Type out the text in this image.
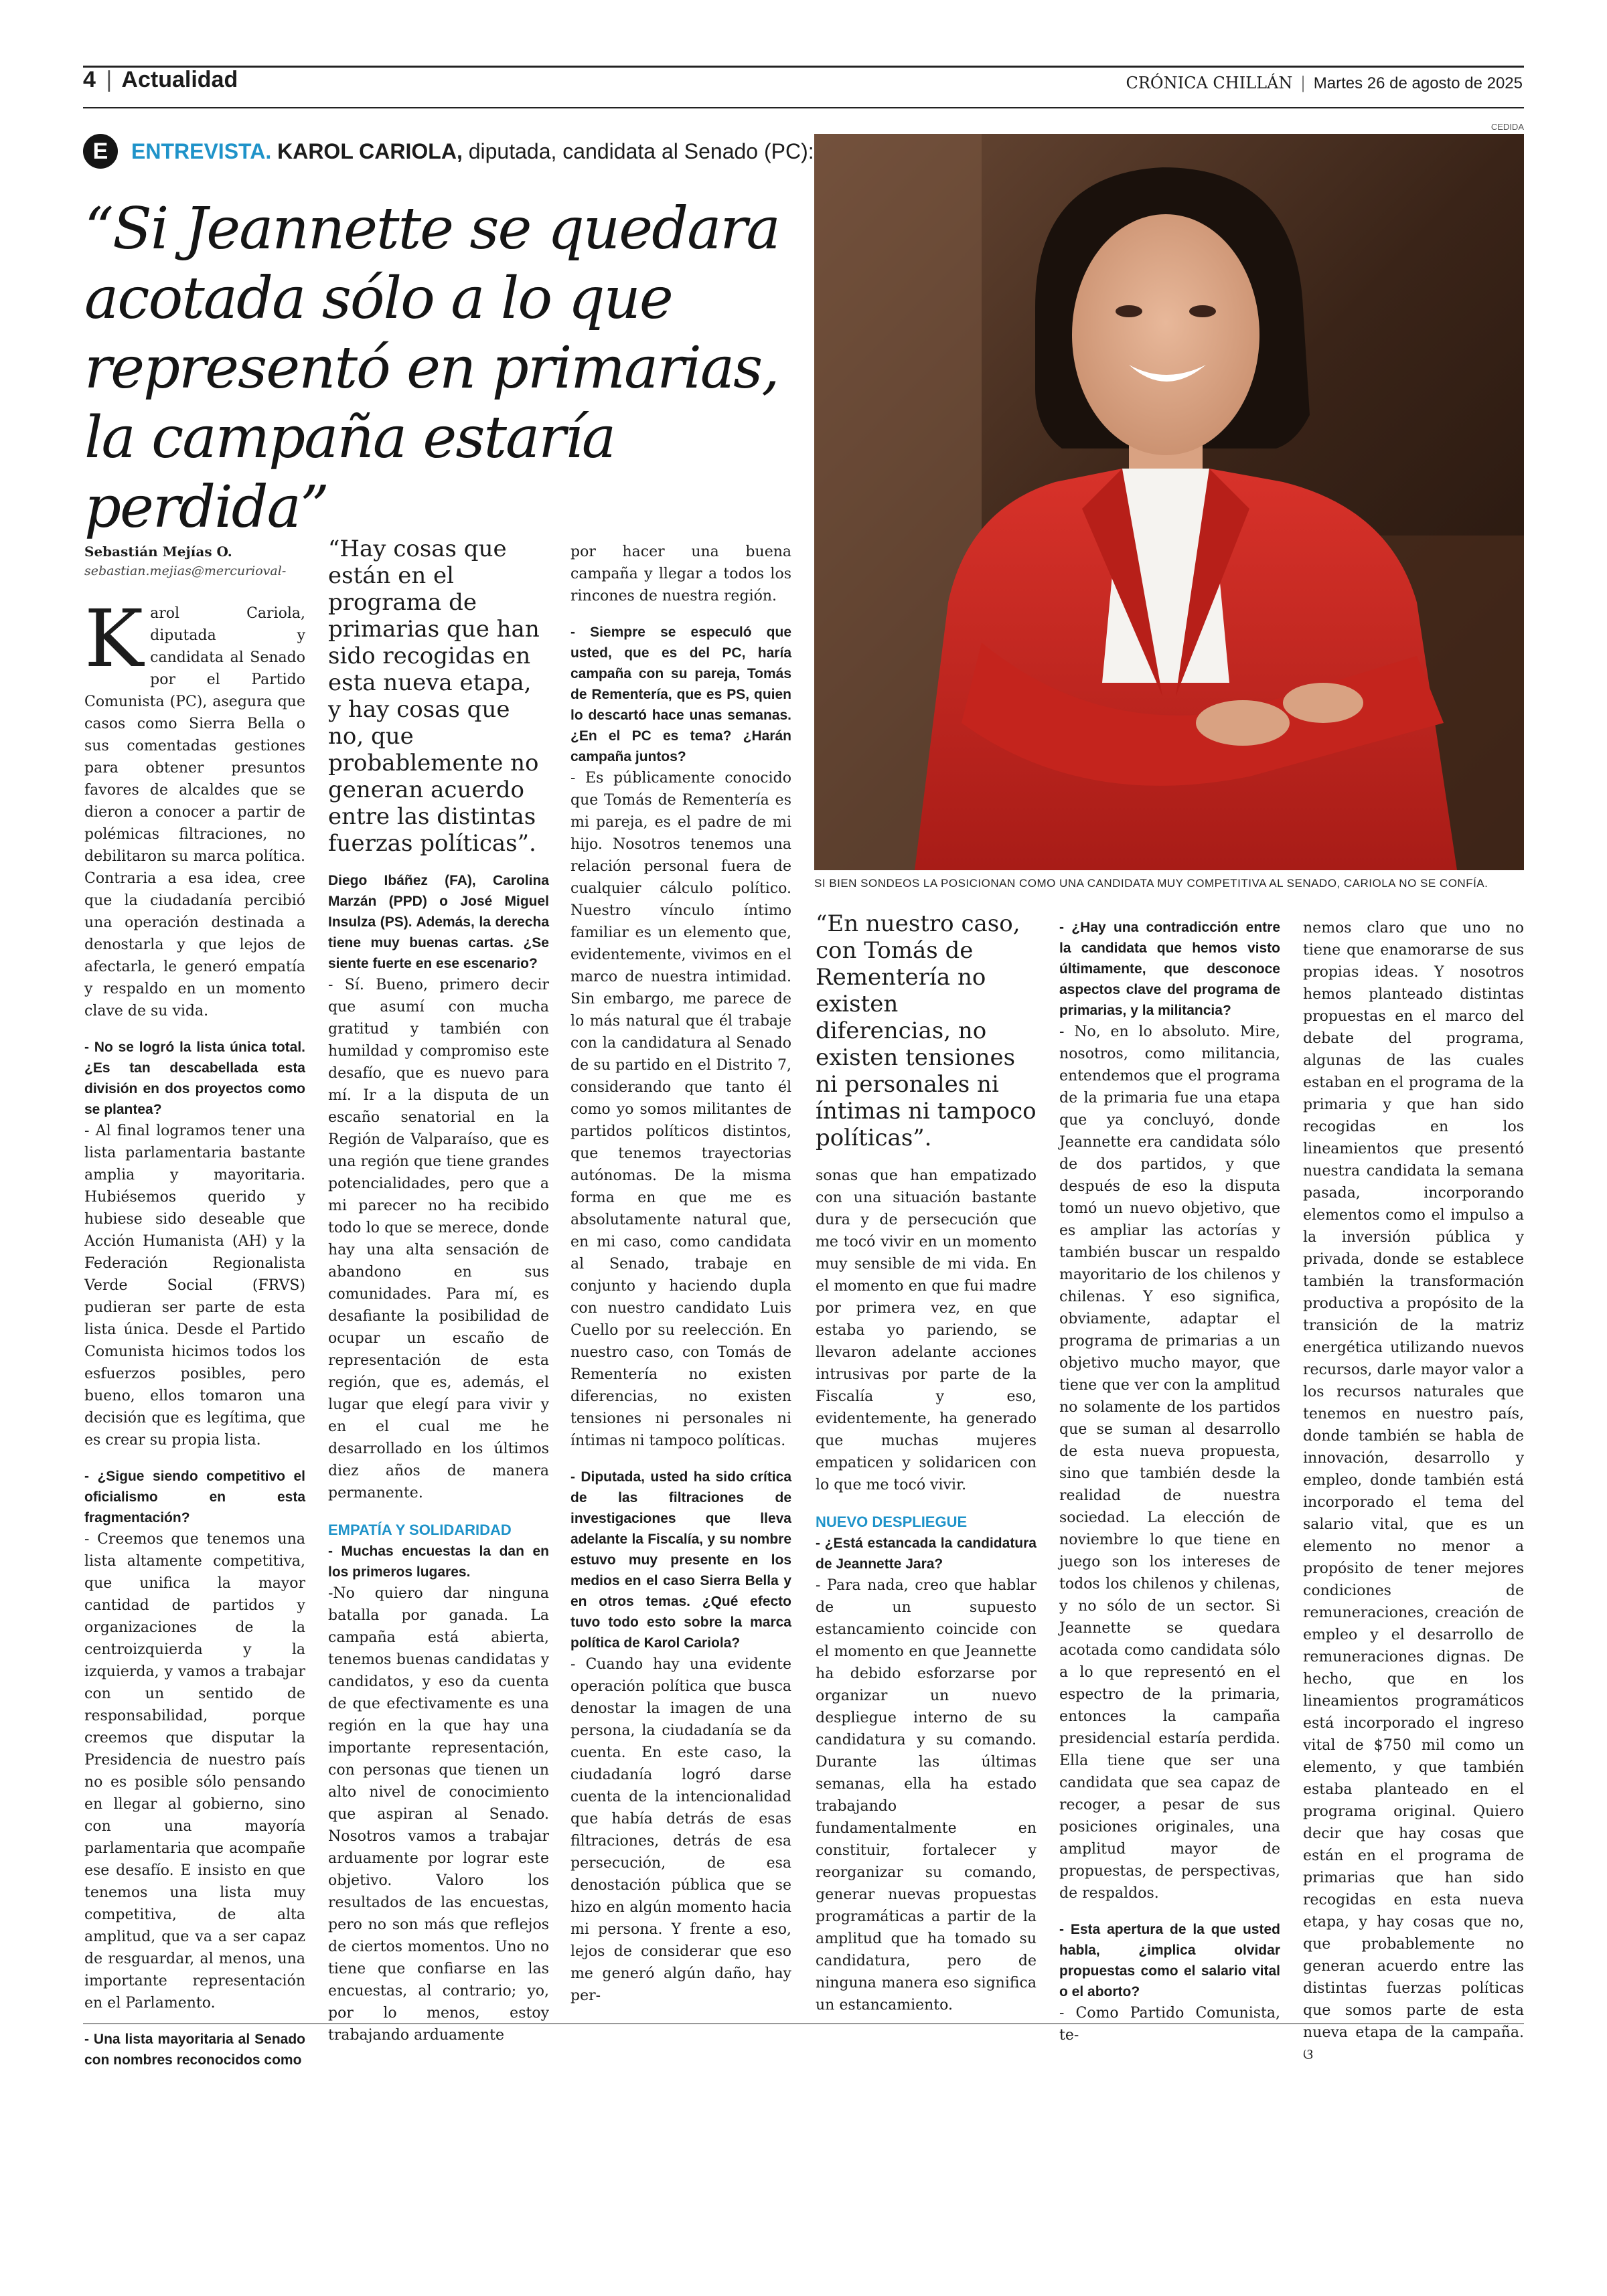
4 | Actualidad	CRÓNICA CHILLÁN | Martes 26 de agosto de 2025
E	ENTREVISTA. KAROL CARIOLA, diputada, candidata al Senado (PC):
“Si Jeannette se quedara acotada sólo a lo que representó en primarias, la campaña estaría perdida”
CEDIDA
SI BIEN SONDEOS LA POSICIONAN COMO UNA CANDIDATA MUY COMPETITIVA AL SENADO, CARIOLA NO SE CONFÍA.
Sebastián Mejías O.
sebastian.mejias@mercurioval-

Karol Cariola, diputada y candidata al Senado por el Partido Comunista (PC), asegura que casos como Sierra Bella o sus comentadas gestiones para obtener presuntos favores de alcaldes que se dieron a conocer a partir de polémicas filtraciones, no debilitaron su marca política. Contraria a esa idea, cree que la ciudadanía percibió una operación destinada a denostarla y que lejos de afectarla, le generó empatía y respaldo en un momento clave de su vida.

- No se logró la lista única total. ¿Es tan descabellada esta división en dos proyectos como se plantea?

- Al final logramos tener una lista parlamentaria bastante amplia y mayoritaria. Hubiésemos querido y hubiese sido deseable que Acción Humanista (AH) y la Federación Regionalista Verde Social (FRVS) pudieran ser parte de esta lista única. Desde el Partido Comunista hicimos todos los esfuerzos posibles, pero bueno, ellos tomaron una decisión que es legítima, que es crear su propia lista.

- ¿Sigue siendo competitivo el oficialismo en esta fragmentación?

- Creemos que tenemos una lista altamente competitiva, que unifica la mayor cantidad de partidos y organizaciones de la centroizquierda y la izquierda, y vamos a trabajar con un sentido de responsabilidad, porque creemos que disputar la Presidencia de nuestro país no es posible sólo pensando en llegar al gobierno, sino con una mayoría parlamentaria que acompañe ese desafío. E insisto en que tenemos una lista muy competitiva, de alta amplitud, que va a ser capaz de resguardar, al menos, una importante representación en el Parlamento.

- Una lista mayoritaria al Senado con nombres reconocidos como

“Hay cosas que están en el programa de primarias que han sido recogidas en esta nueva etapa, y hay cosas que no, que probablemente no generan acuerdo entre las distintas fuerzas políticas”.

Diego Ibáñez (FA), Carolina Marzán (PPD) o José Miguel Insulza (PS). Además, la derecha tiene muy buenas cartas. ¿Se siente fuerte en ese escenario?

- Sí. Bueno, primero decir que asumí con mucha gratitud y también con humildad y compromiso este desafío, que es nuevo para mí. Ir a la disputa de un escaño senatorial en la Región de Valparaíso, que es una región que tiene grandes potencialidades, pero que a mi parecer no ha recibido todo lo que se merece, donde hay una alta sensación de abandono en sus comunidades. Para mí, es desafiante la posibilidad de ocupar un escaño de representación de esta región, que es, además, el lugar que elegí para vivir y en el cual me he desarrollado en los últimos diez años de manera permanente.

EMPATÍA Y SOLIDARIDAD

- Muchas encuestas la dan en los primeros lugares.

-No quiero dar ninguna batalla por ganada. La campaña está abierta, tenemos buenas candidatas y candidatos, y eso da cuenta de que efectivamente es una región en la que hay una importante representación, con personas que tienen un alto nivel de conocimiento que aspiran al Senado. Nosotros vamos a trabajar arduamente por lograr este objetivo. Valoro los resultados de las encuestas, pero no son más que reflejos de ciertos momentos. Uno no tiene que confiarse en las encuestas, al contrario; yo, por lo menos, estoy trabajando arduamente

por hacer una buena campaña y llegar a todos los rincones de nuestra región.

- Siempre se especuló que usted, que es del PC, haría campaña con su pareja, Tomás de Rementería, que es PS, quien lo descartó hace unas semanas. ¿En el PC es tema? ¿Harán campaña juntos?

- Es públicamente conocido que Tomás de Rementería es mi pareja, es el padre de mi hijo. Nosotros tenemos una relación personal fuera de cualquier cálculo político. Nuestro vínculo íntimo familiar es un elemento que, evidentemente, vivimos en el marco de nuestra intimidad. Sin embargo, me parece de lo más natural que él trabaje con la candidatura al Senado de su partido en el Distrito 7, considerando que tanto él como yo somos militantes de partidos políticos distintos, que tenemos trayectorias autónomas. De la misma forma en que me es absolutamente natural que, en mi caso, como candidata al Senado, trabaje en conjunto y haciendo dupla con nuestro candidato Luis Cuello por su reelección. En nuestro caso, con Tomás de Rementería no existen diferencias, no existen tensiones ni personales ni íntimas ni tampoco políticas.

- Diputada, usted ha sido crítica de las filtraciones de investigaciones que lleva adelante la Fiscalía, y su nombre estuvo muy presente en los medios en el caso Sierra Bella y en otros temas. ¿Qué efecto tuvo todo esto sobre la marca política de Karol Cariola?

- Cuando hay una evidente operación política que busca denostar la imagen de una persona, la ciudadanía se da cuenta. En este caso, la ciudadanía logró darse cuenta de la intencionalidad que había detrás de esas filtraciones, detrás de esa persecución, de esa denostación pública que se hizo en algún momento hacia mi persona. Y frente a eso, lejos de considerar que eso me generó algún daño, hay per-

“En nuestro caso, con Tomás de Rementería no existen diferencias, no existen tensiones ni personales ni íntimas ni tampoco políticas”.

sonas que han empatizado con una situación bastante dura y de persecución que me tocó vivir en un momento muy sensible de mi vida. En el momento en que fui madre por primera vez, en que estaba yo pariendo, se llevaron adelante acciones intrusivas por parte de la Fiscalía y eso, evidentemente, ha generado que muchas mujeres empaticen y solidaricen con lo que me tocó vivir.

NUEVO DESPLIEGUE

- ¿Está estancada la candidatura de Jeannette Jara?

- Para nada, creo que hablar de un supuesto estancamiento coincide con el momento en que Jeannette ha debido esforzarse por organizar un nuevo despliegue interno de su candidatura y su comando. Durante las últimas semanas, ella ha estado trabajando fundamentalmente en constituir, fortalecer y reorganizar su comando, generar nuevas propuestas programáticas a partir de la amplitud que ha tomado su candidatura, pero de ninguna manera eso significa un estancamiento.

- ¿Hay una contradicción entre la candidata que hemos visto últimamente, que desconoce aspectos clave del programa de primarias, y la militancia?

- No, en lo absoluto. Mire, nosotros, como militancia, entendemos que el programa de la primaria fue una etapa que ya concluyó, donde Jeannette era candidata sólo de dos partidos, y que después de eso la disputa tomó un nuevo objetivo, que es ampliar las actorías y también buscar un respaldo mayoritario de los chilenos y chilenas. Y eso significa, obviamente, adaptar el programa de primarias a un objetivo mucho mayor, que tiene que ver con la amplitud no solamente de los partidos que se suman al desarrollo de esta nueva propuesta, sino que también desde la realidad de nuestra sociedad. La elección de noviembre lo que tiene en juego son los intereses de todos los chilenos y chilenas, y no sólo de un sector. Si Jeannette se quedara acotada como candidata sólo a lo que representó en el espectro de la primaria, entonces la campaña presidencial estaría perdida. Ella tiene que ser una candidata que sea capaz de recoger, a pesar de sus posiciones originales, una amplitud mayor de propuestas, de perspectivas, de respaldos.

- Esta apertura de la que usted habla, ¿implica olvidar propuestas como el salario vital o el aborto?

- Como Partido Comunista, te-

nemos claro que uno no tiene que enamorarse de sus propias ideas. Y nosotros hemos planteado distintas propuestas en el marco del debate del programa, algunas de las cuales estaban en el programa de la primaria y que han sido recogidas en los lineamientos que presentó nuestra candidata la semana pasada, incorporando elementos como el impulso a la inversión pública y privada, donde se establece también la transformación productiva a propósito de la transición de la matriz energética utilizando nuevos recursos, darle mayor valor a los recursos naturales que tenemos en nuestro país, donde también se habla de innovación, desarrollo y empleo, donde también está incorporado el tema del salario vital, que es un elemento no menor a propósito de tener mejores condiciones de remuneraciones, creación de empleo y el desarrollo de remuneraciones dignas. De hecho, que en los lineamientos programáticos está incorporado el ingreso vital de $750 mil como un elemento, y que también estaba planteado en el programa original. Quiero decir que hay cosas que están en el programa de primarias que han sido recogidas en esta nueva etapa, y hay cosas que no, que probablemente no generan acuerdo entre las distintas fuerzas políticas que somos parte de esta nueva etapa de la campaña. ଓ
